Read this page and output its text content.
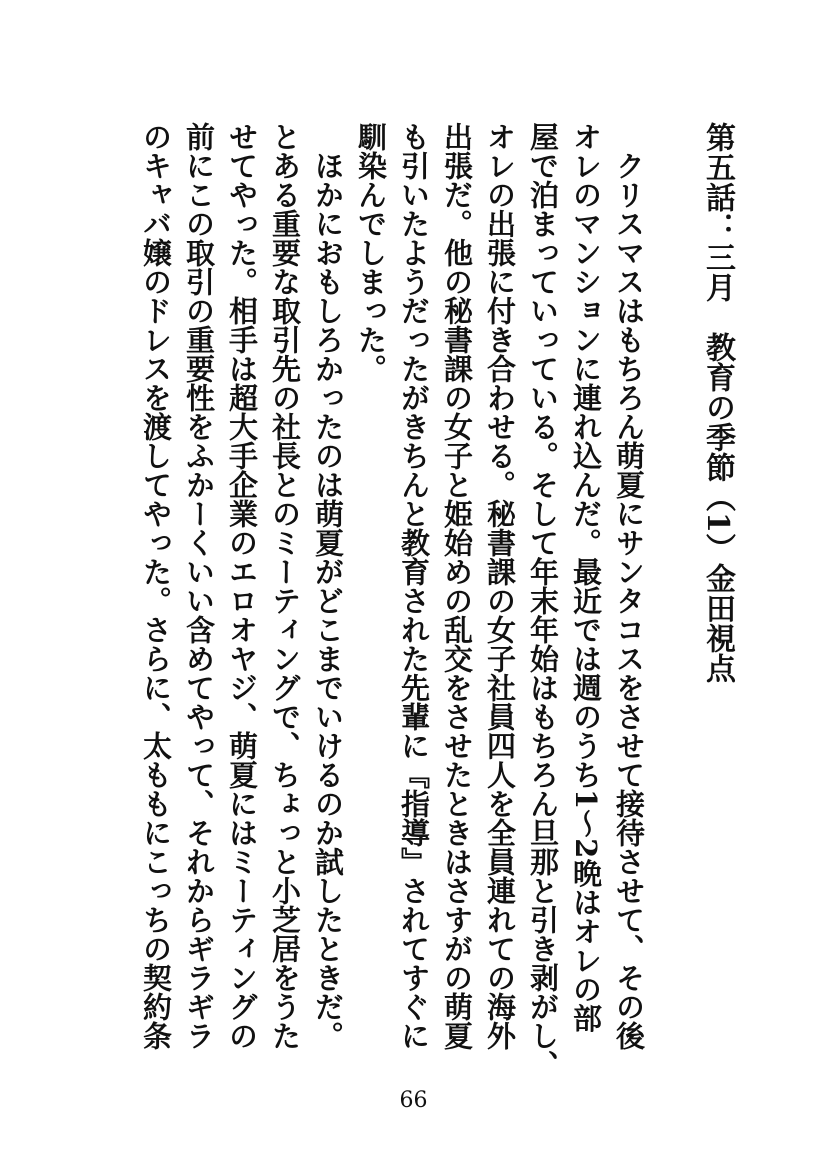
第五話：三月　教育の季節（1）金田視点
　クリスマスはもちろん萌夏にサンタコスをさせて接待させて、その後
オレのマンションに連れ込んだ。最近では週のうち1～2晩はオレの部
屋で泊まっていっている。そして年末年始はもちろん旦那と引き剥がし、
オレの出張に付き合わせる。秘書課の女子社員四人を全員連れての海外
出張だ。他の秘書課の女子と姫始めの乱交をさせたときはさすがの萌夏
も引いたようだったがきちんと教育された先輩に『指導』されてすぐに
馴染んでしまった。
　ほかにおもしろかったのは萌夏がどこまでいけるのか試したときだ。
とある重要な取引先の社長とのミーティングで、ちょっと小芝居をうた
せてやった。相手は超大手企業のエロオヤジ、萌夏にはミーティングの
前にこの取引の重要性をふかーくいい含めてやって、それからギラギラ
のキャバ嬢のドレスを渡してやった。さらに、太ももにこっちの契約条
66
